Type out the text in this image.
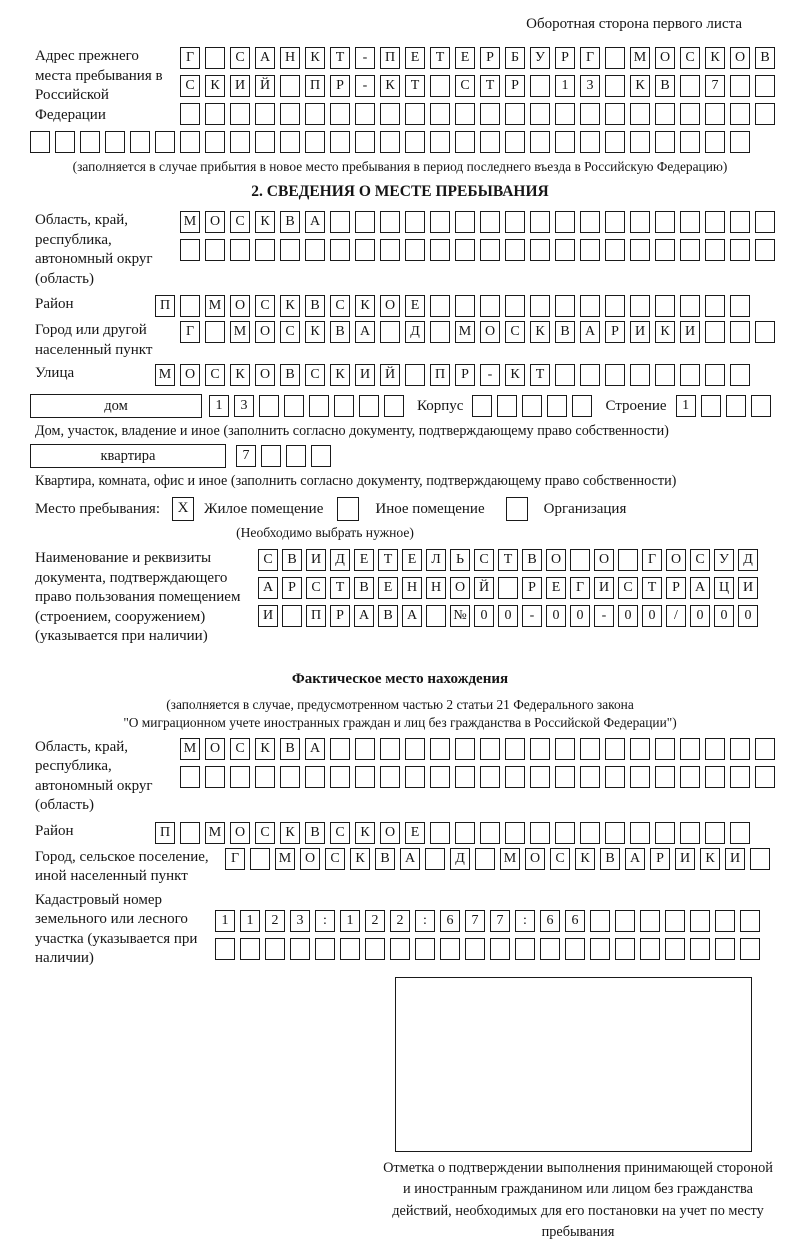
Оборотная сторона первого листа
Адрес прежнего места пребывания в Российской Федерации
Г	С	А	Н	К	Т	-	П	Е	Т	Е	Р	Б	У	Р	Г	М О	С	К	О	В
С	К	И	Й	П	Р	-	К	Т	С	Т	Р	1	3	К	В	7
(заполняется в случае прибытия в новое место пребывания в период последнего въезда в Российскую Федерацию)
2. СВЕДЕНИЯ О МЕСТЕ ПРЕБЫВАНИЯ
Область, край, республика, автономный округ (область)
М О	С	К	В	А
Район	П	М О	С	К	В	С	К	О	Е
Город или другой населенный пункт
Г	М О	С	К	В	А	Д	М О	С	К	В	А	Р	И	К	И
Улица	М О	С	К	О	В	С	К	И	Й	П	Р	-	К	Т
дом	1	3	Корпус	Строение	1
Дом, участок, владение и иное (заполнить согласно документу, подтверждающему право собственности)
квартира	7
Квартира, комната, офис и иное (заполнить согласно документу, подтверждающему право собственности)
Место пребывания:	X	Жилое помещение	Иное помещение	Организация
(Необходимо выбрать нужное)
Наименование и реквизиты документа, подтверждающего право пользования помещением (строением, сооружением) (указывается при наличии)
С	В	И	Д	Е	Т	Е	Л	Ь	С	Т	В	О	О	Г	О	С	У	Д
А	Р	С	Т	В	Е	Н Н О Й	Р	Е	Г	И	С	Т	Р	А Ц И
И	П	Р	А	В	А	№ 0	0	-	0	0	-	0	0	/	0	0	0
Фактическое место нахождения
(заполняется в случае, предусмотренном частью 2 статьи 21 Федерального закона
"О миграционном учете иностранных граждан и лиц без гражданства в Российской Федерации")
Область, край, республика, автономный округ (область)
М О	С	К	В	А
Район	П	М О	С	К	В	С	К	О	Е
Город, сельское поселение, иной населенный пункт
Г	М О	С	К	В	А	Д	М О	С	К	В	А	Р	И	К	И
Кадастровый номер земельного или лесного участка (указывается при наличии)
1	1	2	3	:	1	2	2	:	6	7	7	:	6	6
Отметка о подтверждении выполнения принимающей стороной и иностранным гражданином или лицом без гражданства действий, необходимых для его постановки на учет по месту пребывания
